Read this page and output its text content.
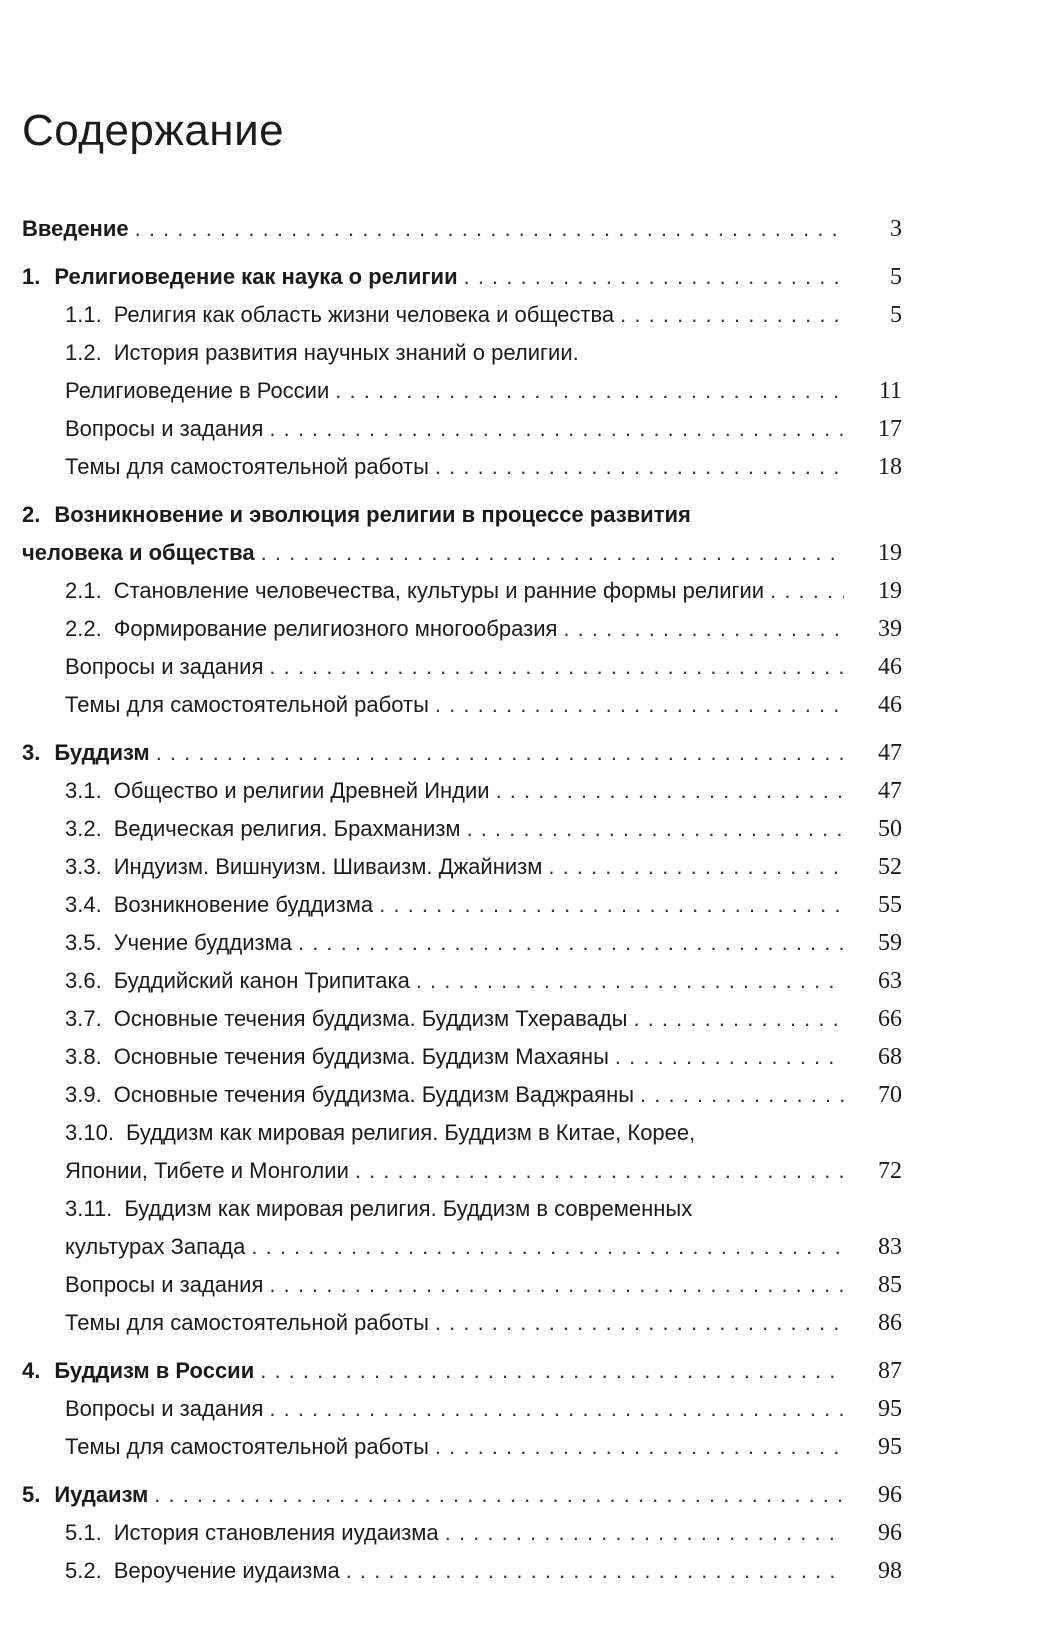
Содержание
Введение . . .	3
1. Религиоведение как наука о религии . . .	5
1.1. Религия как область жизни человека и общества . . .	5
1.2. История развития научных знаний о религии.
Религиоведение в России . . .	11
Вопросы и задания . . .	17
Темы для самостоятельной работы . . .	18
2. Возникновение и эволюция религии в процессе развития
человека и общества . . .	19
2.1. Становление человечества, культуры и ранние формы религии . . .	19
2.2. Формирование религиозного многообразия . . .	39
Вопросы и задания . . .	46
Темы для самостоятельной работы . . .	46
3. Буддизм . . .	47
3.1. Общество и религии Древней Индии . . .	47
3.2. Ведическая религия. Брахманизм . . .	50
3.3. Индуизм. Вишнуизм. Шиваизм. Джайнизм . . .	52
3.4. Возникновение буддизма . . .	55
3.5. Учение буддизма . . .	59
3.6. Буддийский канон Трипитака . . .	63
3.7. Основные течения буддизма. Буддизм Тхеравады . . .	66
3.8. Основные течения буддизма. Буддизм Махаяны . . .	68
3.9. Основные течения буддизма. Буддизм Ваджраяны . . .	70
3.10. Буддизм как мировая религия. Буддизм в Китае, Корее,
Японии, Тибете и Монголии . . .	72
3.11. Буддизм как мировая религия. Буддизм в современных
культурах Запада . . .	83
Вопросы и задания . . .	85
Темы для самостоятельной работы . . .	86
4. Буддизм в России . . .	87
Вопросы и задания . . .	95
Темы для самостоятельной работы . . .	95
5. Иудаизм . . .	96
5.1. История становления иудаизма . . .	96
5.2. Вероучение иудаизма . . .	98
